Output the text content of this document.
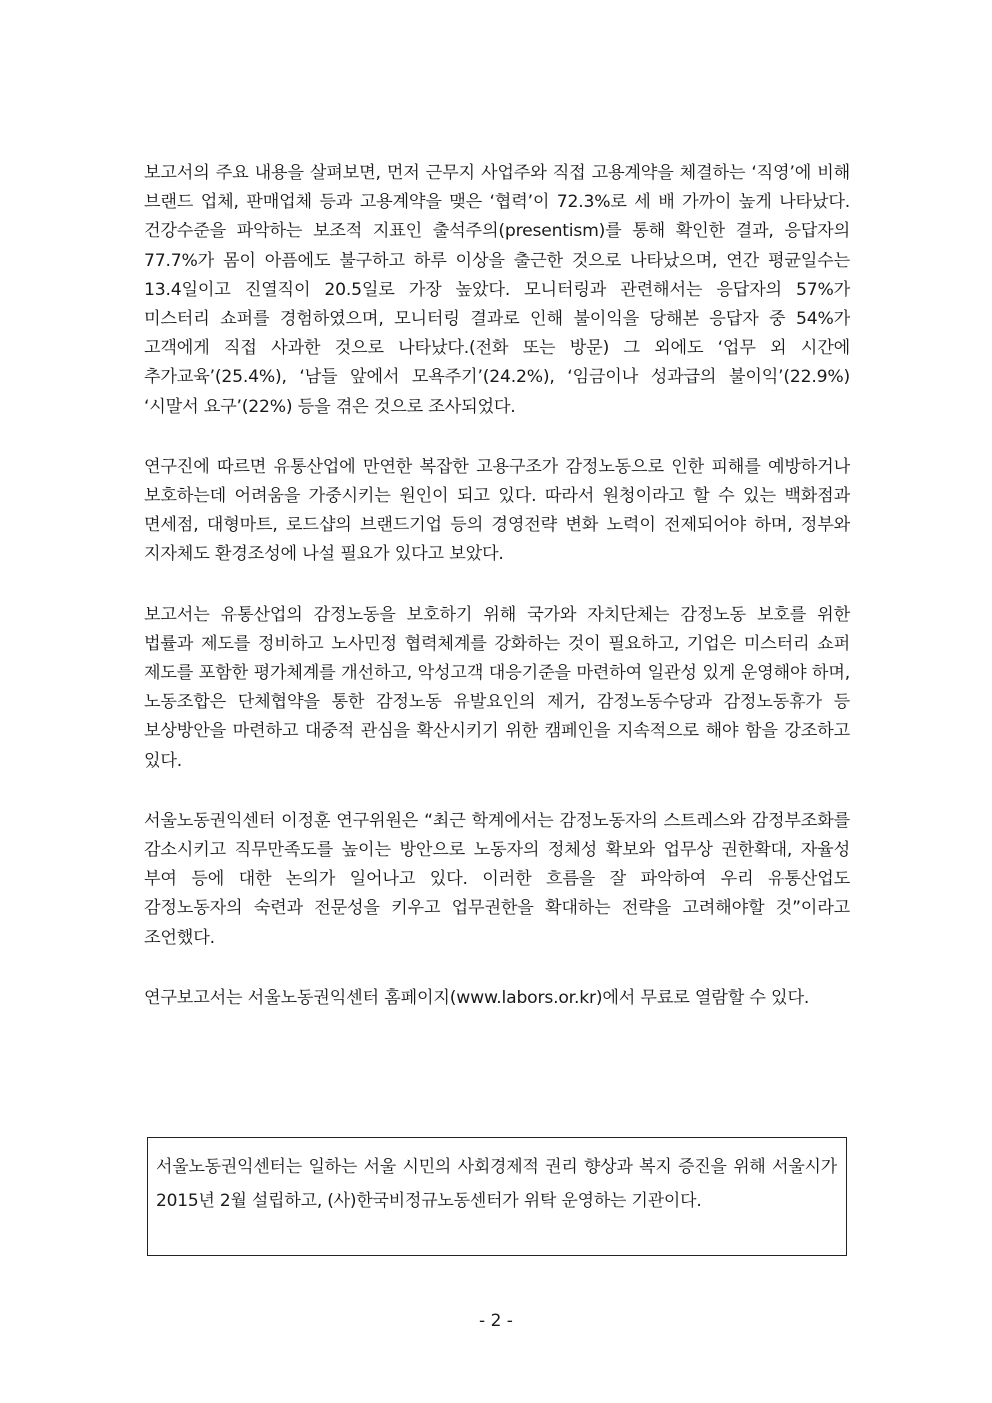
보고서의 주요 내용을 살펴보면, 먼저 근무지 사업주와 직접 고용계약을 체결하는 ‘직영’에 비해 브랜드 업체, 판매업체 등과 고용계약을 맺은 ‘협력’이 72.3%로 세 배 가까이 높게 나타났다. 건강수준을 파악하는 보조적 지표인 출석주의(presentism)를 통해 확인한 결과, 응답자의 77.7%가 몸이 아픔에도 불구하고 하루 이상을 출근한 것으로 나타났으며, 연간 평균일수는 13.4일이고 진열직이 20.5일로 가장 높았다. 모니터링과 관련해서는 응답자의 57%가 미스터리 쇼퍼를 경험하였으며, 모니터링 결과로 인해 불이익을 당해본 응답자 중 54%가 고객에게 직접 사과한 것으로 나타났다.(전화 또는 방문) 그 외에도 ‘업무 외 시간에 추가교육’(25.4%), ‘남들 앞에서 모욕주기’(24.2%), ‘임금이나 성과급의 불이익’(22.9%) ‘시말서 요구’(22%) 등을 겪은 것으로 조사되었다.

연구진에 따르면 유통산업에 만연한 복잡한 고용구조가 감정노동으로 인한 피해를 예방하거나 보호하는데 어려움을 가중시키는 원인이 되고 있다. 따라서 원청이라고 할 수 있는 백화점과 면세점, 대형마트, 로드샵의 브랜드기업 등의 경영전략 변화 노력이 전제되어야 하며, 정부와 지자체도 환경조성에 나설 필요가 있다고 보았다.

보고서는 유통산업의 감정노동을 보호하기 위해 국가와 자치단체는 감정노동 보호를 위한 법률과 제도를 정비하고 노사민정 협력체계를 강화하는 것이 필요하고, 기업은 미스터리 쇼퍼 제도를 포함한 평가체계를 개선하고, 악성고객 대응기준을 마련하여 일관성 있게 운영해야 하며, 노동조합은 단체협약을 통한 감정노동 유발요인의 제거, 감정노동수당과 감정노동휴가 등 보상방안을 마련하고 대중적 관심을 확산시키기 위한 캠페인을 지속적으로 해야 함을 강조하고 있다.

서울노동권익센터 이정훈 연구위원은 “최근 학계에서는 감정노동자의 스트레스와 감정부조화를 감소시키고 직무만족도를 높이는 방안으로 노동자의 정체성 확보와 업무상 권한확대, 자율성 부여 등에 대한 논의가 일어나고 있다. 이러한 흐름을 잘 파악하여 우리 유통산업도 감정노동자의 숙련과 전문성을 키우고 업무권한을 확대하는 전략을 고려해야할 것”이라고 조언했다.

연구보고서는 서울노동권익센터 홈페이지(www.labors.or.kr)에서 무료로 열람할 수 있다.

서울노동권익센터는 일하는 서울 시민의 사회경제적 권리 향상과 복지 증진을 위해 서울시가 2015년 2월 설립하고, (사)한국비정규노동센터가 위탁 운영하는 기관이다.

- 2 -
